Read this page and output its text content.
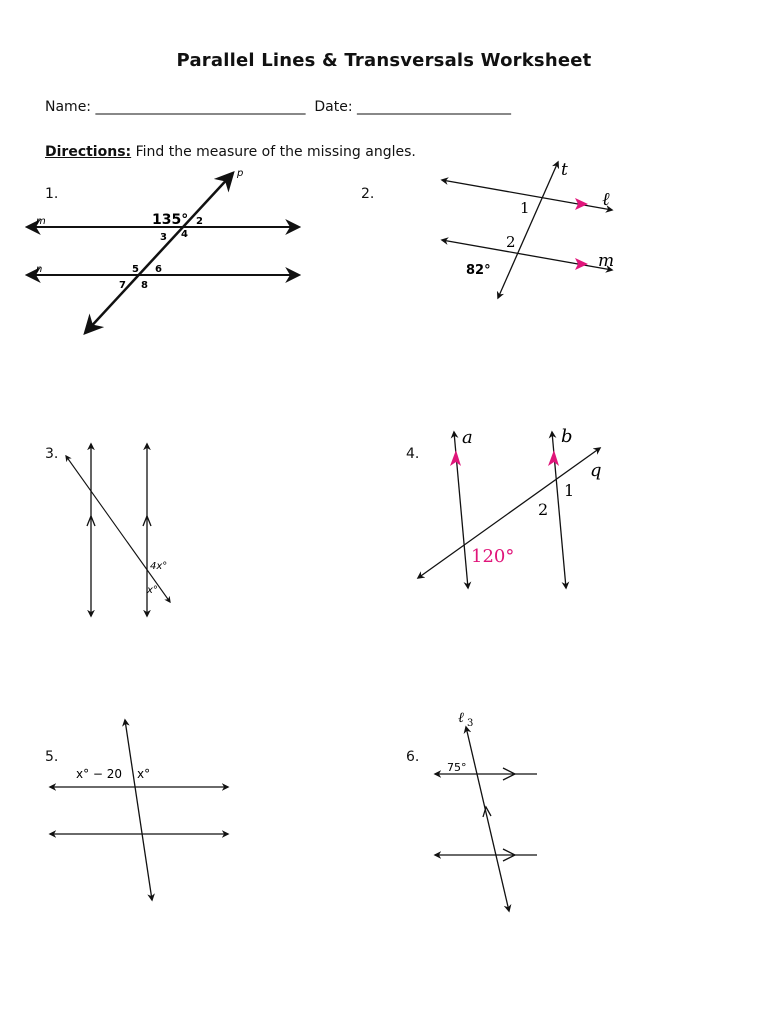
Parallel Lines & Transversals Worksheet
Name: ______________________________ Date: ______________________
Directions: Find the measure of the missing angles.
1.
p
m
n
135° 2
3 4
5 6
7 8
2.
t
ℓ
m
1
2
82°
3.
4x°
x°
4.
a	b
q
1
2
120°
5.
x° − 20 x°
6.
ℓ 3
75°
